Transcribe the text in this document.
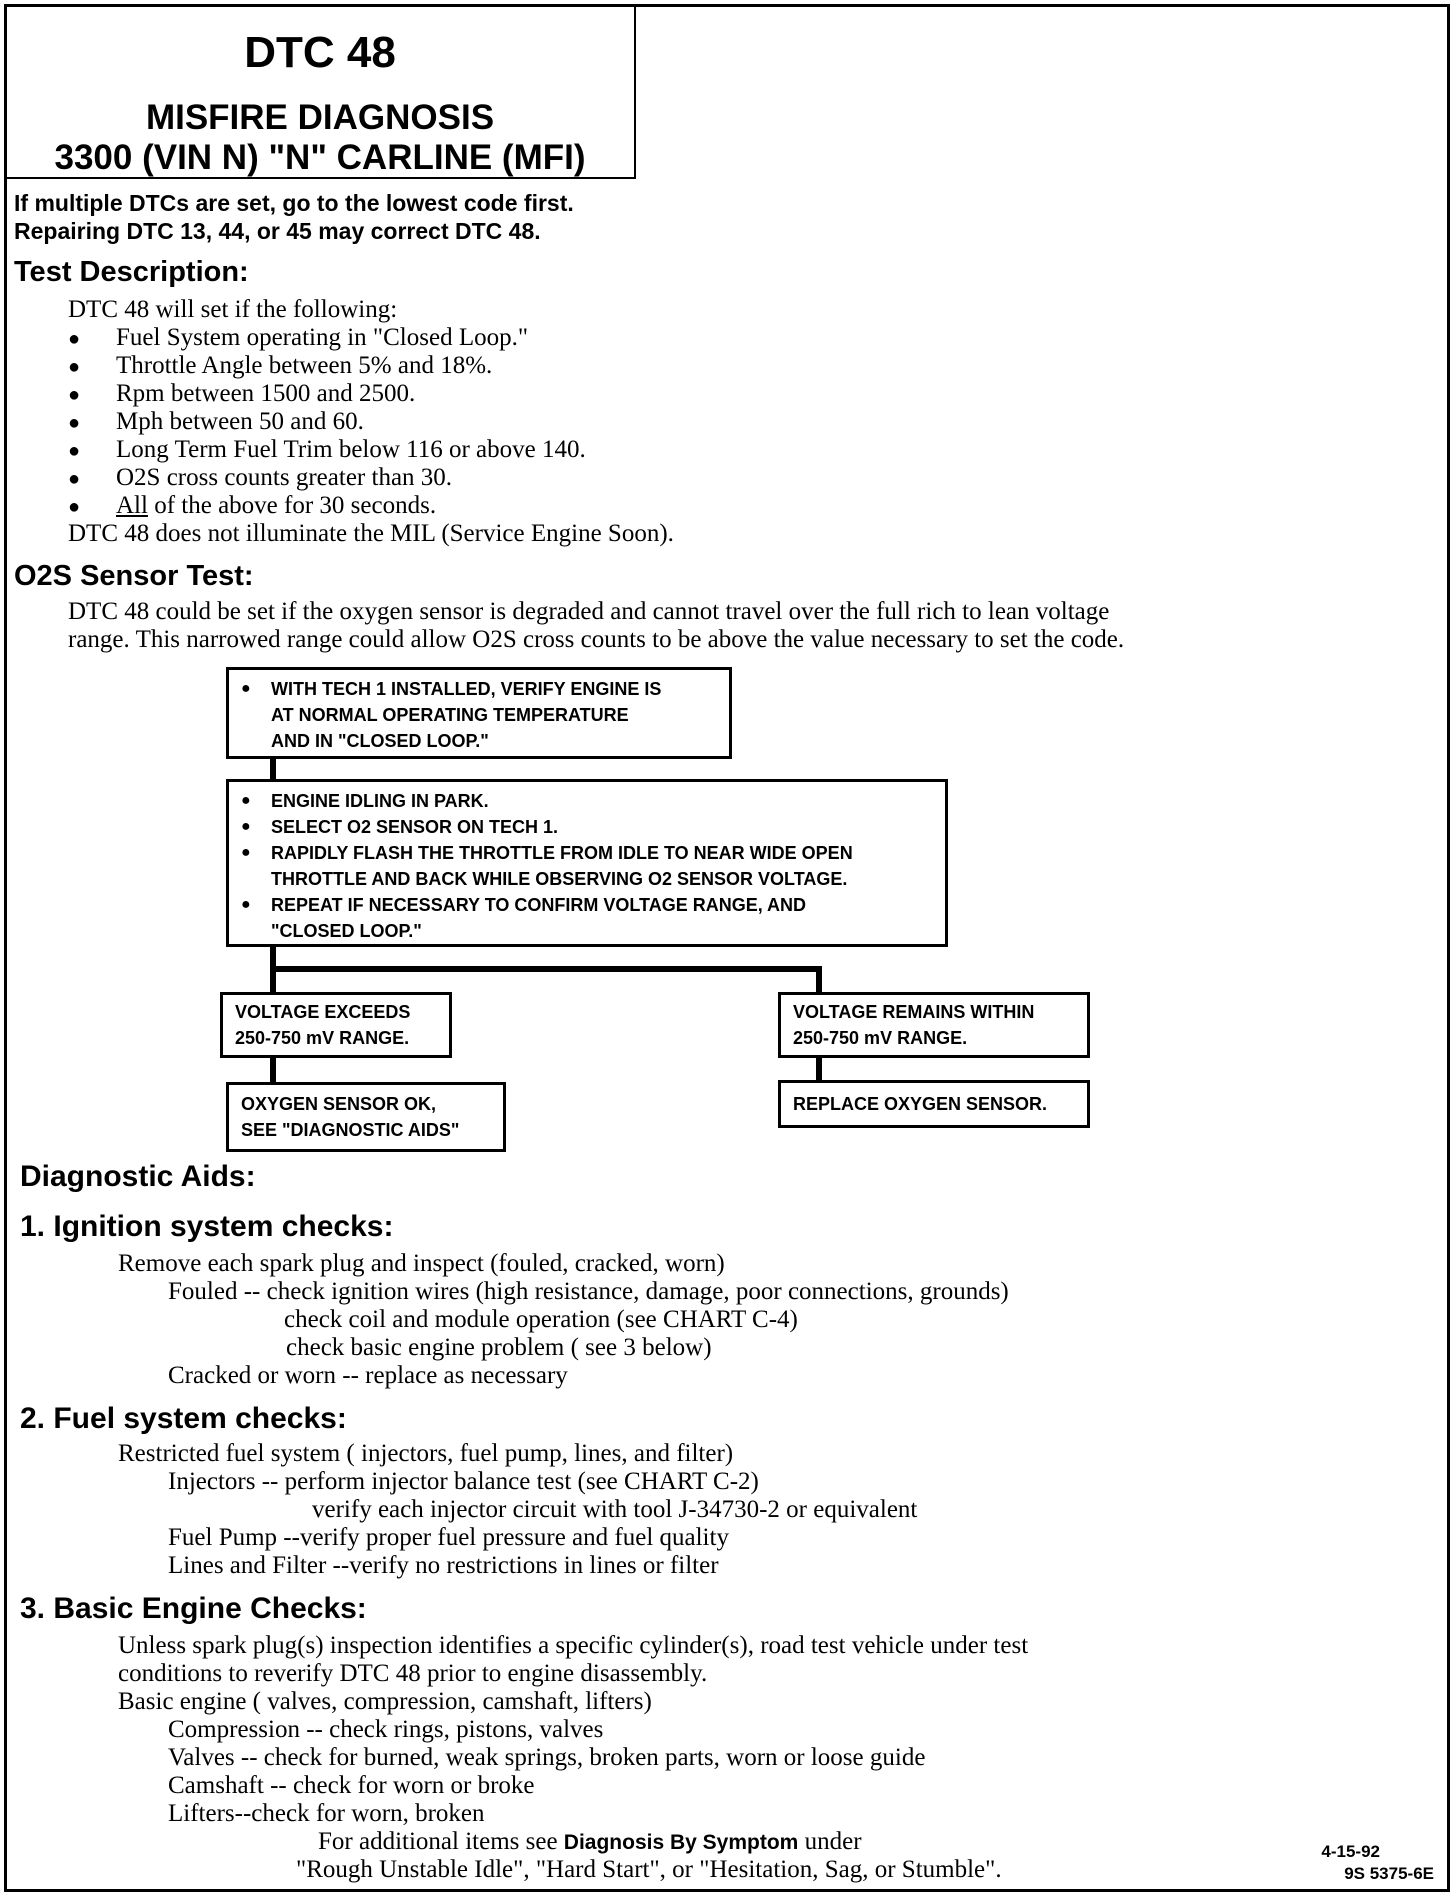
DTC 48
MISFIRE DIAGNOSIS
3300 (VIN N) "N" CARLINE (MFI)
If multiple DTCs are set, go to the lowest code first.
Repairing DTC 13, 44, or 45 may correct DTC 48.
Test Description:
DTC 48 will set if the following:
● Fuel System operating in "Closed Loop."
● Throttle Angle between 5% and 18%.
● Rpm between 1500 and 2500.
● Mph between 50 and 60.
● Long Term Fuel Trim below 116 or above 140.
● O2S cross counts greater than 30.
● All of the above for 30 seconds.
DTC 48 does not illuminate the MIL (Service Engine Soon).
O2S Sensor Test:
DTC 48 could be set if the oxygen sensor is degraded and cannot travel over the full rich to lean voltage
range. This narrowed range could allow O2S cross counts to be above the value necessary to set the code.
● WITH TECH 1 INSTALLED, VERIFY ENGINE IS
AT NORMAL OPERATING TEMPERATURE
AND IN "CLOSED LOOP."
● ENGINE IDLING IN PARK.
● SELECT O2 SENSOR ON TECH 1.
● RAPIDLY FLASH THE THROTTLE FROM IDLE TO NEAR WIDE OPEN
THROTTLE AND BACK WHILE OBSERVING O2 SENSOR VOLTAGE.
● REPEAT IF NECESSARY TO CONFIRM VOLTAGE RANGE, AND
"CLOSED LOOP."
VOLTAGE EXCEEDS
250-750 mV RANGE.
VOLTAGE REMAINS WITHIN
250-750 mV RANGE.
OXYGEN SENSOR OK,
SEE "DIAGNOSTIC AIDS"
REPLACE OXYGEN SENSOR.
Diagnostic Aids:
1. Ignition system checks:
Remove each spark plug and inspect (fouled, cracked, worn)
Fouled -- check ignition wires (high resistance, damage, poor connections, grounds)
check coil and module operation (see CHART C-4)
check basic engine problem ( see 3 below)
Cracked or worn -- replace as necessary
2. Fuel system checks:
Restricted fuel system ( injectors, fuel pump, lines, and filter)
Injectors -- perform injector balance test (see CHART C-2)
verify each injector circuit with tool J-34730-2 or equivalent
Fuel Pump --verify proper fuel pressure and fuel quality
Lines and Filter --verify no restrictions in lines or filter
3. Basic Engine Checks:
Unless spark plug(s) inspection identifies a specific cylinder(s), road test vehicle under test
conditions to reverify DTC 48 prior to engine disassembly.
Basic engine ( valves, compression, camshaft, lifters)
Compression -- check rings, pistons, valves
Valves -- check for burned, weak springs, broken parts, worn or loose guide
Camshaft -- check for worn or broke
Lifters--check for worn, broken
For additional items see Diagnosis By Symptom under
"Rough Unstable Idle", "Hard Start", or "Hesitation, Sag, or Stumble".
4-15-92
9S 5375-6E
